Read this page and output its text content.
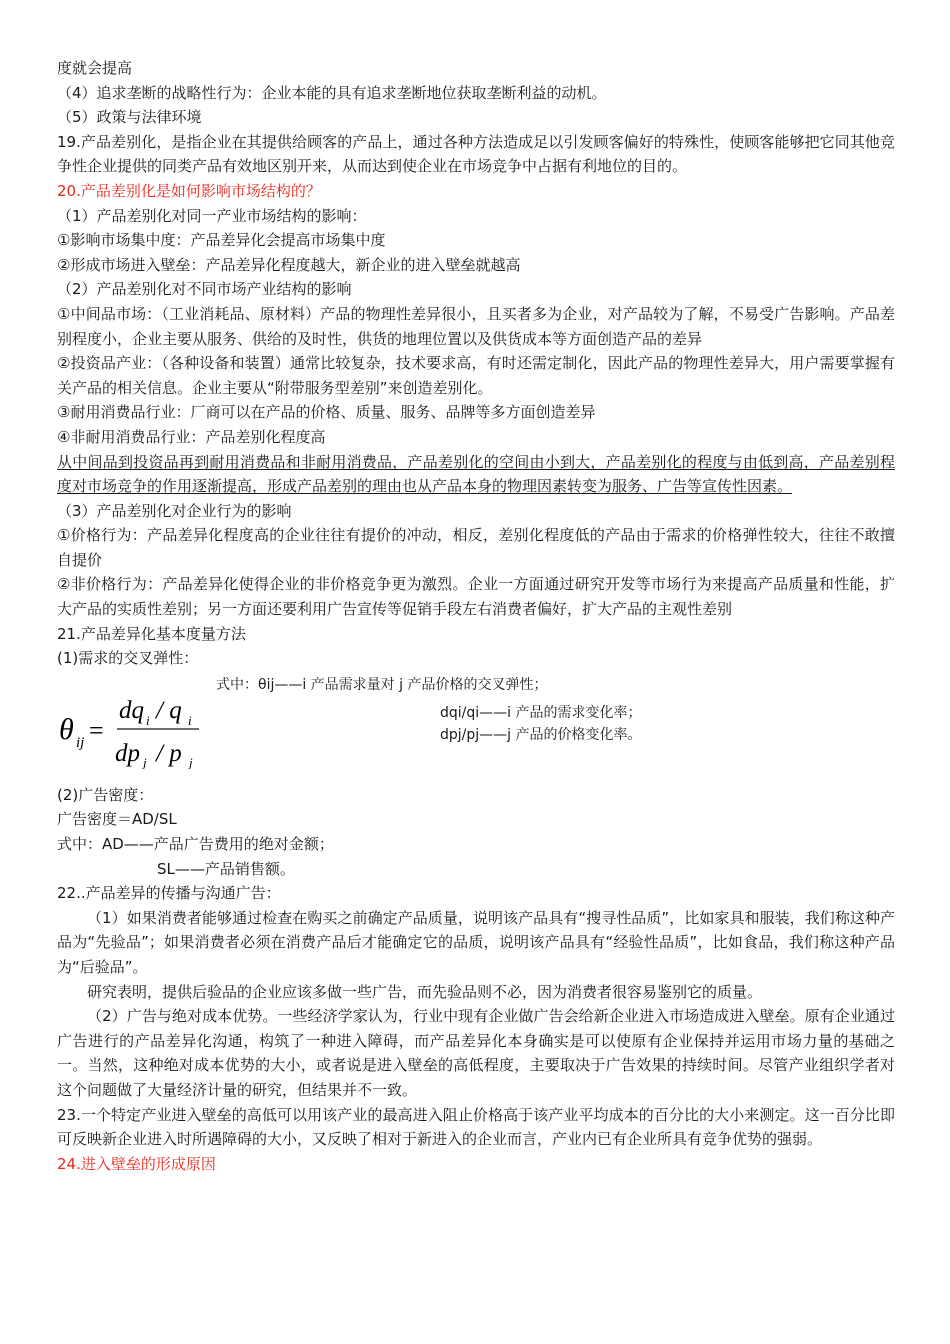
度就会提高

（4）追求垄断的战略性行为：企业本能的具有追求垄断地位获取垄断利益的动机。

（5）政策与法律环境

19.产品差别化，是指企业在其提供给顾客的产品上，通过各种方法造成足以引发顾客偏好的特殊性，使顾客能够把它同其他竞争性企业提供的同类产品有效地区别开来，从而达到使企业在市场竞争中占据有利地位的目的。

20.产品差别化是如何影响市场结构的？

（1）产品差别化对同一产业市场结构的影响：

①影响市场集中度：产品差异化会提高市场集中度

②形成市场进入壁垒：产品差异化程度越大，新企业的进入壁垒就越高

（2）产品差别化对不同市场产业结构的影响

①中间品市场：（工业消耗品、原材料）产品的物理性差异很小，且买者多为企业，对产品较为了解，不易受广告影响。产品差别程度小，企业主要从服务、供给的及时性，供货的地理位置以及供货成本等方面创造产品的差异

②投资品产业：（各种设备和装置）通常比较复杂，技术要求高，有时还需定制化，因此产品的物理性差异大，用户需要掌握有关产品的相关信息。企业主要从“附带服务型差别”来创造差别化。

③耐用消费品行业：厂商可以在产品的价格、质量、服务、品牌等多方面创造差异

④非耐用消费品行业：产品差别化程度高

从中间品到投资品再到耐用消费品和非耐用消费品，产品差别化的空间由小到大，产品差别化的程度与由低到高，产品差别程度对市场竞争的作用逐渐提高，形成产品差别的理由也从产品本身的物理因素转变为服务、广告等宣传性因素。

（3）产品差别化对企业行为的影响

①价格行为：产品差异化程度高的企业往往有提价的冲动，相反，差别化程度低的产品由于需求的价格弹性较大，往往不敢擅自提价

②非价格行为：产品差异化使得企业的非价格竞争更为激烈。企业一方面通过研究开发等市场行为来提高产品质量和性能，扩大产品的实质性差别；另一方面还要利用广告宣传等促销手段左右消费者偏好，扩大产品的主观性差别

21.产品差异化基本度量方法

(1)需求的交叉弹性：

θ ij =
dq i / q i
dp j / p j
式中：θij——i 产品需求量对 j 产品价格的交叉弹性；
dqi/qi——i 产品的需求变化率；
dpj/pj——j 产品的价格变化率。

(2)广告密度：

广告密度＝AD/SL

式中：AD——产品广告费用的绝对金额；

SL——产品销售额。

22..产品差异的传播与沟通广告：

（1）如果消费者能够通过检查在购买之前确定产品质量，说明该产品具有“搜寻性品质”，比如家具和服装，我们称这种产品为“先验品”；如果消费者必须在消费产品后才能确定它的品质，说明该产品具有“经验性品质”，比如食品，我们称这种产品为“后验品”。

研究表明，提供后验品的企业应该多做一些广告，而先验品则不必，因为消费者很容易鉴别它的质量。

（2）广告与绝对成本优势。一些经济学家认为，行业中现有企业做广告会给新企业进入市场造成进入壁垒。原有企业通过广告进行的产品差异化沟通，构筑了一种进入障碍，而产品差异化本身确实是可以使原有企业保持并运用市场力量的基础之一。当然，这种绝对成本优势的大小，或者说是进入壁垒的高低程度，主要取决于广告效果的持续时间。尽管产业组织学者对这个问题做了大量经济计量的研究，但结果并不一致。

23.一个特定产业进入壁垒的高低可以用该产业的最高进入阻止价格高于该产业平均成本的百分比的大小来测定。这一百分比即可反映新企业进入时所遇障碍的大小，又反映了相对于新进入的企业而言，产业内已有企业所具有竞争优势的强弱。

24.进入壁垒的形成原因
